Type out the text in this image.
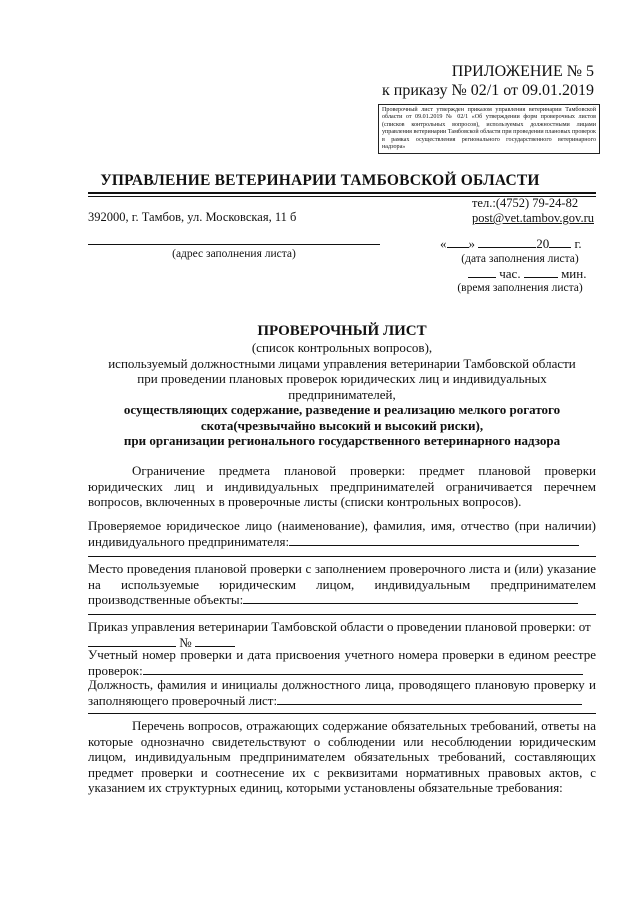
ПРИЛОЖЕНИЕ № 5
к приказу № 02/1 от 09.01.2019
Проверочный лист утвержден приказом управления ветеринарии Тамбовской области от 09.01.2019 № 02/1 «Об утверждении форм проверочных листов (списков контрольных вопросов), используемых должностными лицами управления ветеринарии Тамбовской области при проведении плановых проверок в рамках осуществления регионального государственного ветеринарного надзора»
УПРАВЛЕНИЕ ВЕТЕРИНАРИИ ТАМБОВСКОЙ ОБЛАСТИ
392000, г. Тамбов, ул. Московская, 11 б
тел.:(4752) 79-24-82
post@vet.tambov.gov.ru
(адрес заполнения листа)
« »	20 г.
(дата заполнения листа)
час.	мин.
(время заполнения листа)
ПРОВЕРОЧНЫЙ ЛИСТ
(список контрольных вопросов),
используемый должностными лицами управления ветеринарии Тамбовской области
при проведении плановых проверок юридических лиц и индивидуальных
предпринимателей,
осуществляющих содержание, разведение и реализацию мелкого рогатого
скота(чрезвычайно высокий и высокий риски),
при организации регионального государственного ветеринарного надзора
Ограничение предмета плановой проверки: предмет плановой проверки юридических лиц и индивидуальных предпринимателей ограничивается перечнем вопросов, включенных в проверочные листы (списки контрольных вопросов).
Проверяемое юридическое лицо (наименование), фамилия, имя, отчество (при наличии) индивидуального предпринимателя:
Место проведения плановой проверки с заполнением проверочного листа и (или) указание на используемые юридическим лицом, индивидуальным предпринимателем производственные объекты:
Приказ управления ветеринарии Тамбовской области о проведении плановой проверки: от
№
Учетный номер проверки и дата присвоения учетного номера проверки в едином реестре проверок:
Должность, фамилия и инициалы должностного лица, проводящего плановую проверку и заполняющего проверочный лист:
Перечень вопросов, отражающих содержание обязательных требований, ответы на которые однозначно свидетельствуют о соблюдении или несоблюдении юридическим лицом, индивидуальным предпринимателем обязательных требований, составляющих предмет проверки и соотнесение их с реквизитами нормативных правовых актов, с указанием их структурных единиц, которыми установлены обязательные требования:
